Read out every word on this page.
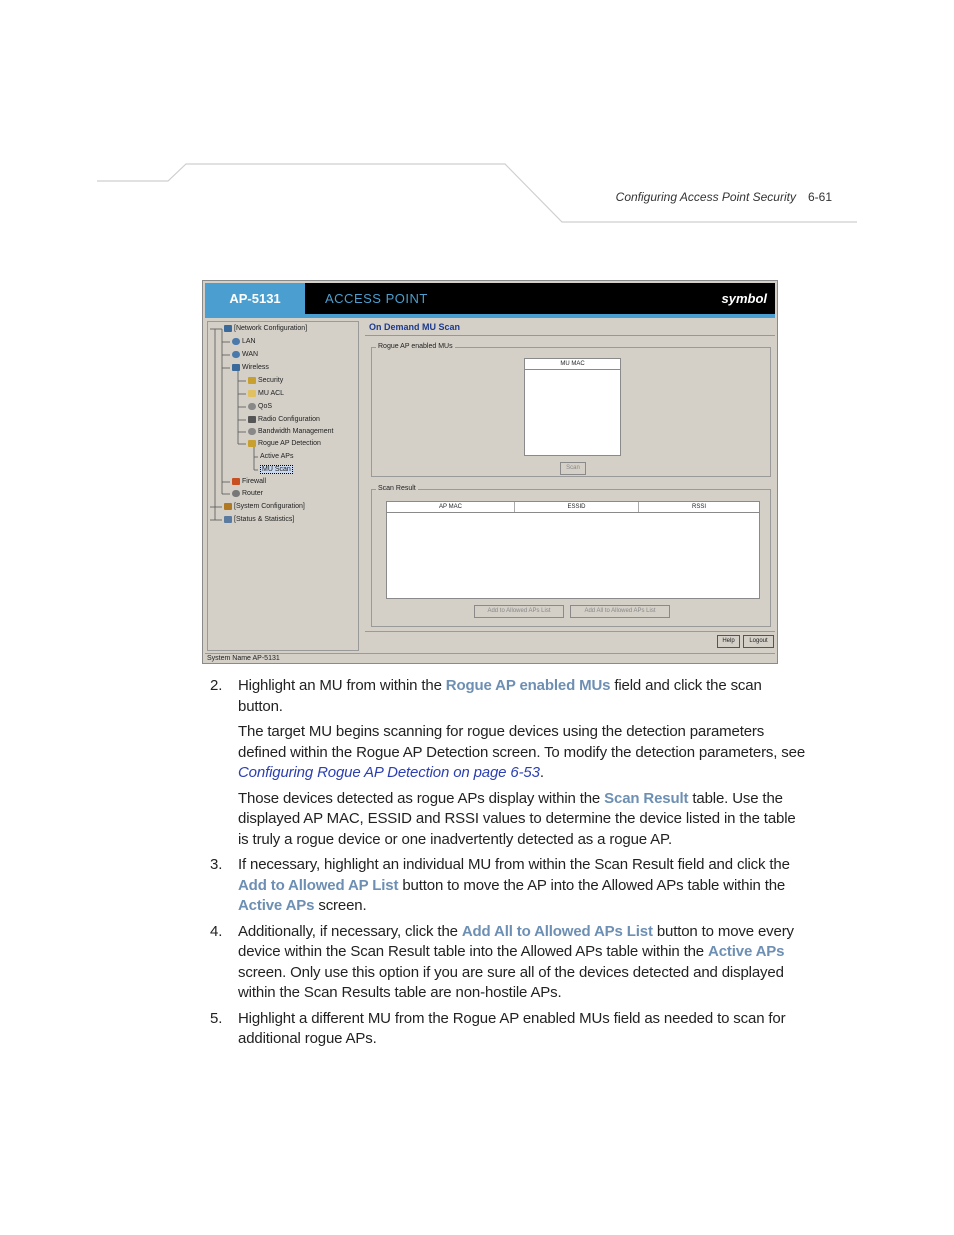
Configuring Access Point Security 6-61
AP-5131	ACCESS POINT	symbol
[Network Configuration]
LAN
WAN
Wireless
Security
MU ACL
QoS
Radio Configuration
Bandwidth Management
Rogue AP Detection
Active APs
MU Scan
Firewall
Router
[System Configuration]
[Status & Statistics]
On Demand MU Scan
Rogue AP enabled MUs
MU MAC
Scan
Scan Result
AP MAC	ESSID	RSSI
Add to Allowed APs List	Add All to Allowed APs List
Help	Logout
System Name AP-5131
2. Highlight an MU from within the Rogue AP enabled MUs field and click the scan button.
The target MU begins scanning for rogue devices using the detection parameters defined within the Rogue AP Detection screen. To modify the detection parameters, see Configuring Rogue AP Detection on page 6-53.
Those devices detected as rogue APs display within the Scan Result table. Use the displayed AP MAC, ESSID and RSSI values to determine the device listed in the table is truly a rogue device or one inadvertently detected as a rogue AP.
3. If necessary, highlight an individual MU from within the Scan Result field and click the Add to Allowed AP List button to move the AP into the Allowed APs table within the Active APs screen.
4. Additionally, if necessary, click the Add All to Allowed APs List button to move every device within the Scan Result table into the Allowed APs table within the Active APs screen. Only use this option if you are sure all of the devices detected and displayed within the Scan Results table are non-hostile APs.
5. Highlight a different MU from the Rogue AP enabled MUs field as needed to scan for additional rogue APs.
